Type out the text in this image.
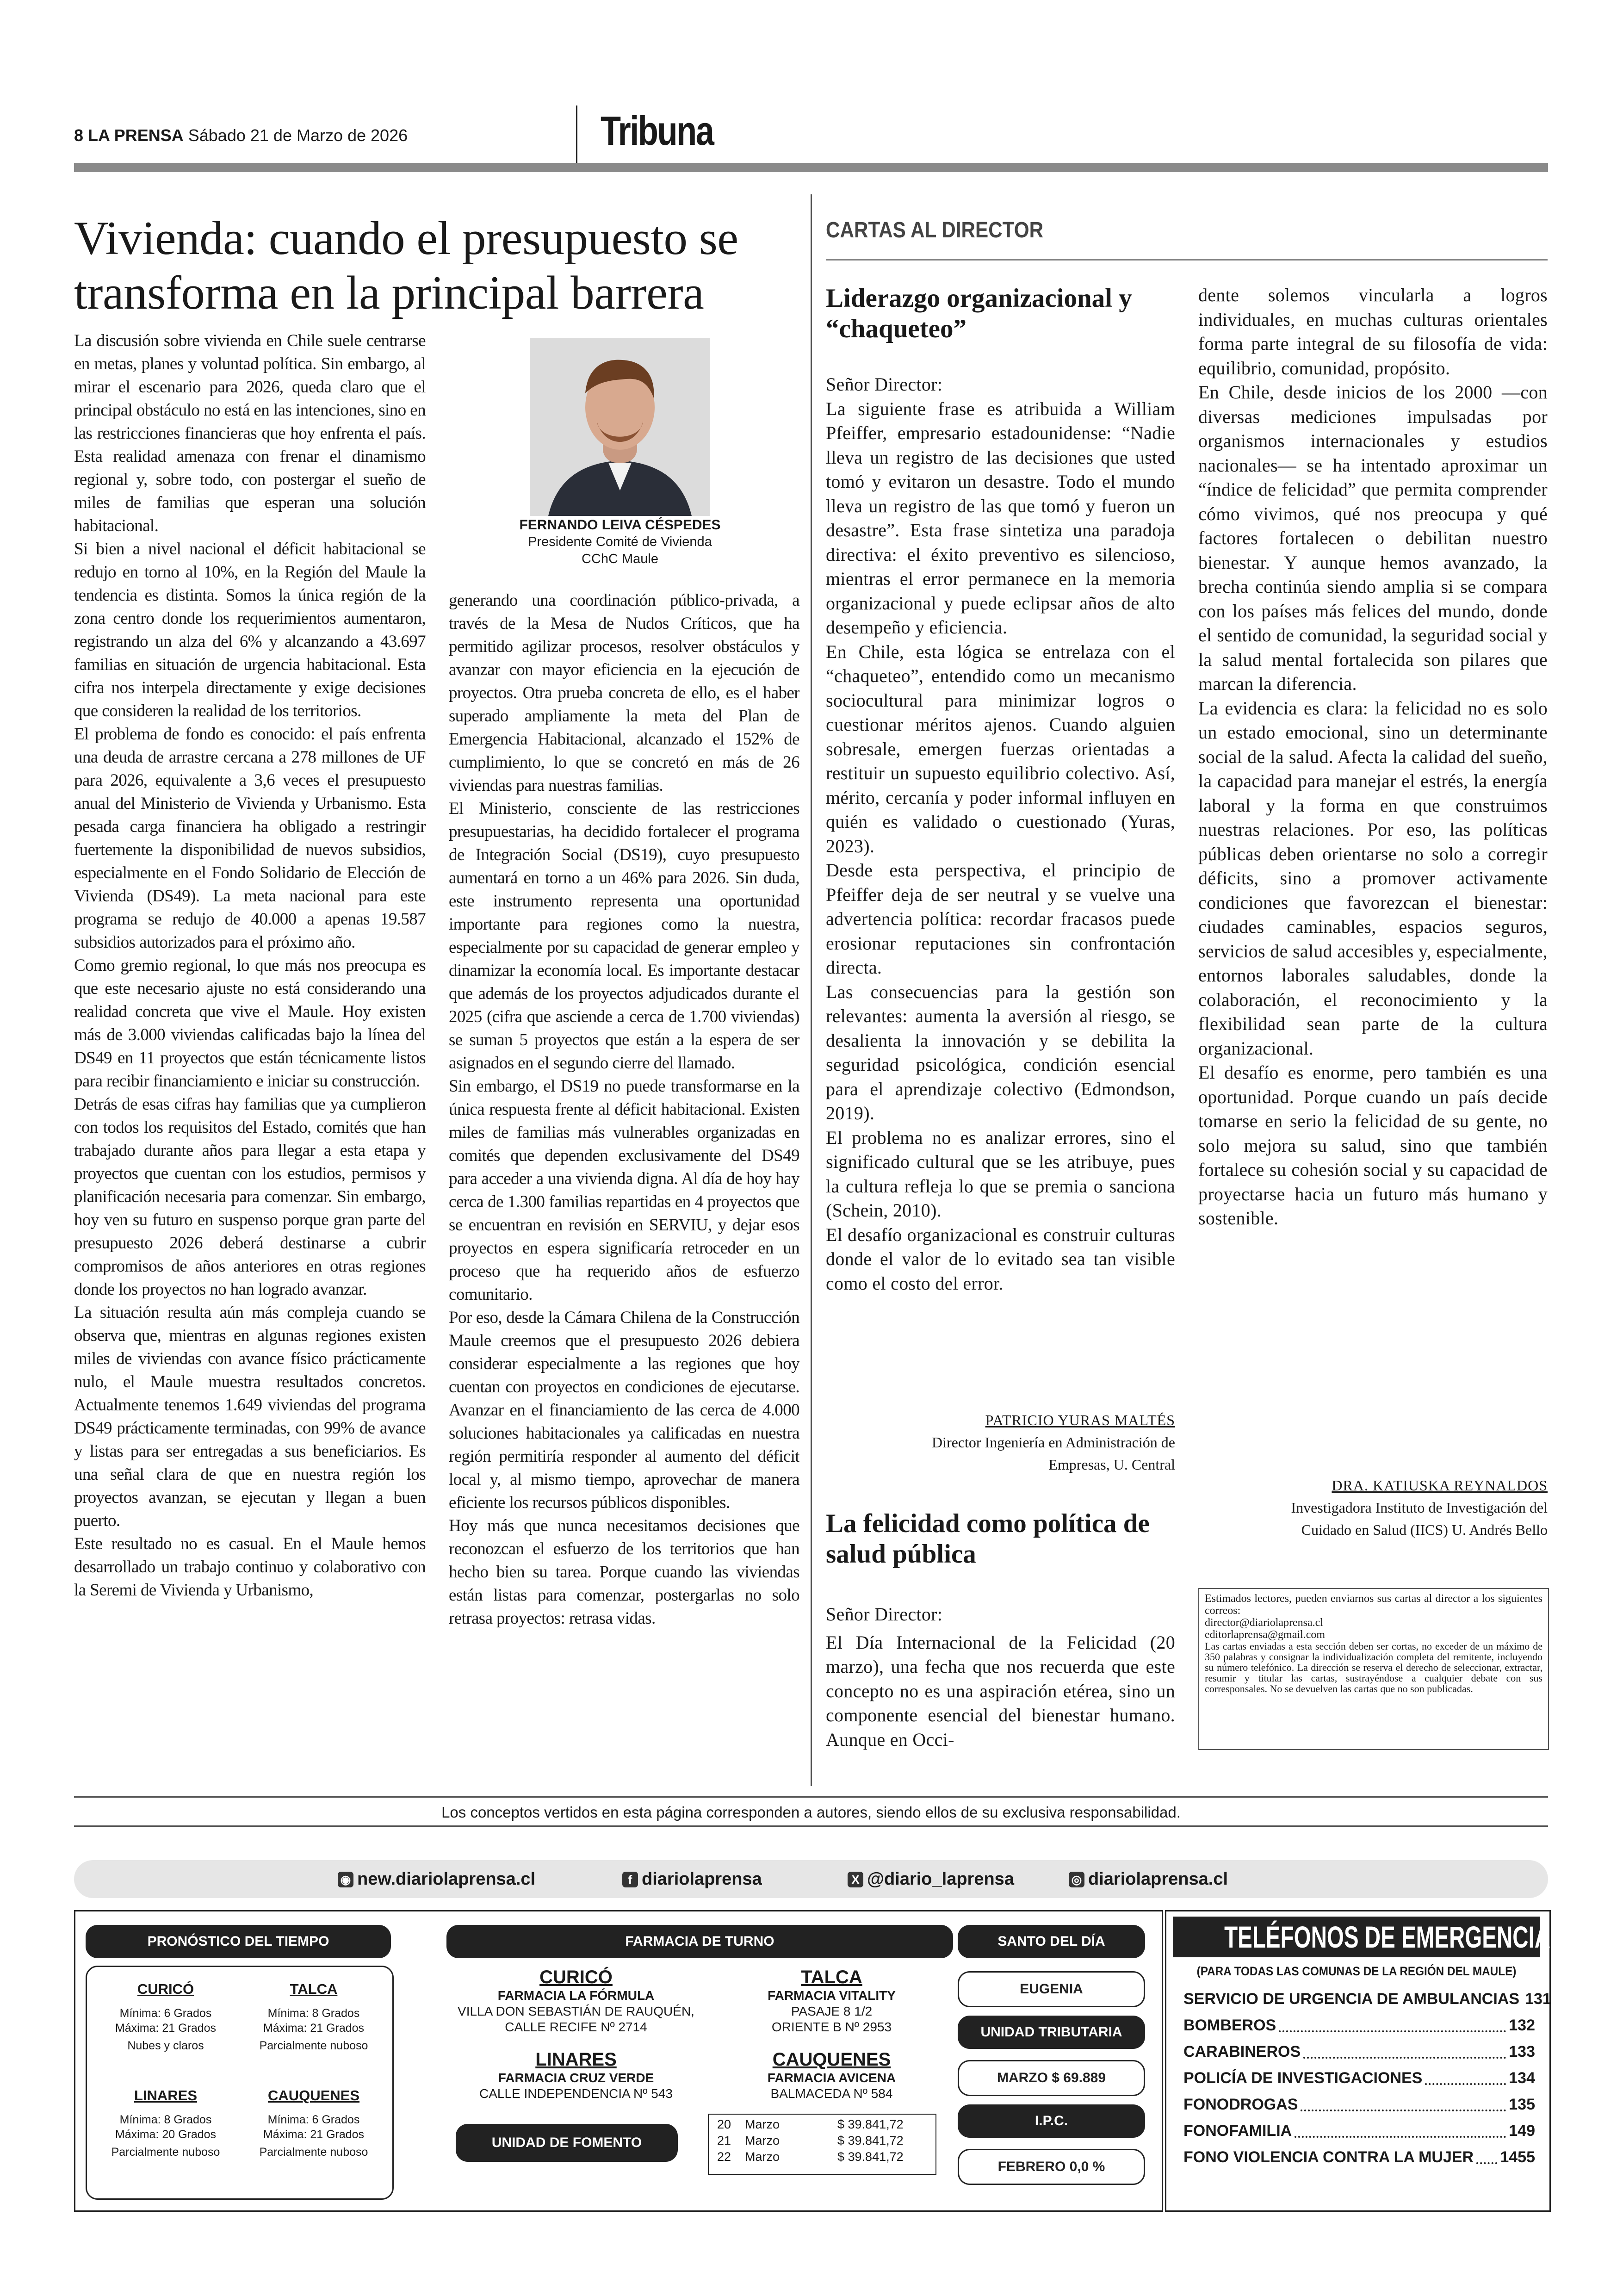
8 LA PRENSA Sábado 21 de Marzo de 2026	Tribuna
Vivienda: cuando el presupuesto se transforma en la principal barrera
FERNANDO LEIVA CÉSPEDES
Presidente Comité de Vivienda
CChC Maule

La discusión sobre vivienda en Chile suele centrarse en metas, planes y voluntad política. Sin embargo, al mirar el escenario para 2026, queda claro que el principal obstáculo no está en las intenciones, sino en las restricciones financieras que hoy enfrenta el país. Esta realidad amenaza con frenar el dinamismo regional y, sobre todo, con postergar el sueño de miles de familias que esperan una solución habitacional.

Si bien a nivel nacional el déficit habitacional se redujo en torno al 10%, en la Región del Maule la tendencia es distinta. Somos la única región de la zona centro donde los requerimientos aumentaron, registrando un alza del 6% y alcanzando a 43.697 familias en situación de urgencia habitacional. Esta cifra nos interpela directamente y exige decisiones que consideren la realidad de los territorios.

El problema de fondo es conocido: el país enfrenta una deuda de arrastre cercana a 278 millones de UF para 2026, equivalente a 3,6 veces el presupuesto anual del Ministerio de Vivienda y Urbanismo. Esta pesada carga financiera ha obligado a restringir fuertemente la disponibilidad de nuevos subsidios, especialmente en el Fondo Solidario de Elección de Vivienda (DS49). La meta nacional para este programa se redujo de 40.000 a apenas 19.587 subsidios autorizados para el próximo año.

Como gremio regional, lo que más nos preocupa es que este necesario ajuste no está considerando una realidad concreta que vive el Maule. Hoy existen más de 3.000 viviendas calificadas bajo la línea del DS49 en 11 proyectos que están técnicamente listos para recibir financiamiento e iniciar su construcción.

Detrás de esas cifras hay familias que ya cumplieron con todos los requisitos del Estado, comités que han trabajado durante años para llegar a esta etapa y proyectos que cuentan con los estudios, permisos y planificación necesaria para comenzar. Sin embargo, hoy ven su futuro en suspenso porque gran parte del presupuesto 2026 deberá destinarse a cubrir compromisos de años anteriores en otras regiones donde los proyectos no han logrado avanzar.

La situación resulta aún más compleja cuando se observa que, mientras en algunas regiones existen miles de viviendas con avance físico prácticamente nulo, el Maule muestra resultados concretos. Actualmente tenemos 1.649 viviendas del programa DS49 prácticamente terminadas, con 99% de avance y listas para ser entregadas a sus beneficiarios. Es una señal clara de que en nuestra región los proyectos avanzan, se ejecutan y llegan a buen puerto.

Este resultado no es casual. En el Maule hemos desarrollado un trabajo continuo y colaborativo con la Seremi de Vivienda y Urbanismo,

generando una coordinación público-privada, a través de la Mesa de Nudos Críticos, que ha permitido agilizar procesos, resolver obstáculos y avanzar con mayor eficiencia en la ejecución de proyectos. Otra prueba concreta de ello, es el haber superado ampliamente la meta del Plan de Emergencia Habitacional, alcanzado el 152% de cumplimiento, lo que se concretó en más de 26 viviendas para nuestras familias.

El Ministerio, consciente de las restricciones presupuestarias, ha decidido fortalecer el programa de Integración Social (DS19), cuyo presupuesto aumentará en torno a un 46% para 2026. Sin duda, este instrumento representa una oportunidad importante para regiones como la nuestra, especialmente por su capacidad de generar empleo y dinamizar la economía local. Es importante destacar que además de los proyectos adjudicados durante el 2025 (cifra que asciende a cerca de 1.700 viviendas) se suman 5 proyectos que están a la espera de ser asignados en el segundo cierre del llamado.

Sin embargo, el DS19 no puede transformarse en la única respuesta frente al déficit habitacional. Existen miles de familias más vulnerables organizadas en comités que dependen exclusivamente del DS49 para acceder a una vivienda digna. Al día de hoy hay cerca de 1.300 familias repartidas en 4 proyectos que se encuentran en revisión en SERVIU, y dejar esos proyectos en espera significaría retroceder en un proceso que ha requerido años de esfuerzo comunitario.

Por eso, desde la Cámara Chilena de la Construcción Maule creemos que el presupuesto 2026 debiera considerar especialmente a las regiones que hoy cuentan con proyectos en condiciones de ejecutarse. Avanzar en el financiamiento de las cerca de 4.000 soluciones habitacionales ya calificadas en nuestra región permitiría responder al aumento del déficit local y, al mismo tiempo, aprovechar de manera eficiente los recursos públicos disponibles.

Hoy más que nunca necesitamos decisiones que reconozcan el esfuerzo de los territorios que han hecho bien su tarea. Porque cuando las viviendas están listas para comenzar, postergarlas no solo retrasa proyectos: retrasa vidas.

CARTAS AL DIRECTOR
Liderazgo organizacional y “chaqueteo”

Señor Director:

La siguiente frase es atribuida a William Pfeiffer, empresario estadounidense: “Nadie lleva un registro de las decisiones que usted tomó y evitaron un desastre. Todo el mundo lleva un registro de las que tomó y fueron un desastre”. Esta frase sintetiza una paradoja directiva: el éxito preventivo es silencioso, mientras el error permanece en la memoria organizacional y puede eclipsar años de alto desempeño y eficiencia.

En Chile, esta lógica se entrelaza con el “chaqueteo”, entendido como un mecanismo sociocultural para minimizar logros o cuestionar méritos ajenos. Cuando alguien sobresale, emergen fuerzas orientadas a restituir un supuesto equilibrio colectivo. Así, mérito, cercanía y poder informal influyen en quién es validado o cuestionado (Yuras, 2023).

Desde esta perspectiva, el principio de Pfeiffer deja de ser neutral y se vuelve una advertencia política: recordar fracasos puede erosionar reputaciones sin confrontación directa.

Las consecuencias para la gestión son relevantes: aumenta la aversión al riesgo, se desalienta la innovación y se debilita la seguridad psicológica, condición esencial para el aprendizaje colectivo (Edmondson, 2019).

El problema no es analizar errores, sino el significado cultural que se les atribuye, pues la cultura refleja lo que se premia o sanciona (Schein, 2010).

El desafío organizacional es construir culturas donde el valor de lo evitado sea tan visible como el costo del error.

PATRICIO YURAS MALTÉS
Director Ingeniería en Administración de
Empresas, U. Central
La felicidad como política de salud pública

Señor Director:

El Día Internacional de la Felicidad (20 marzo), una fecha que nos recuerda que este concepto no es una aspiración etérea, sino un componente esencial del bienestar humano. Aunque en Occi-

dente solemos vincularla a logros individuales, en muchas culturas orientales forma parte integral de su filosofía de vida: equilibrio, comunidad, propósito.

En Chile, desde inicios de los 2000 —con diversas mediciones impulsadas por organismos internacionales y estudios nacionales— se ha intentado aproximar un “índice de felicidad” que permita comprender cómo vivimos, qué nos preocupa y qué factores fortalecen o debilitan nuestro bienestar. Y aunque hemos avanzado, la brecha continúa siendo amplia si se compara con los países más felices del mundo, donde el sentido de comunidad, la seguridad social y la salud mental fortalecida son pilares que marcan la diferencia.

La evidencia es clara: la felicidad no es solo un estado emocional, sino un determinante social de la salud. Afecta la calidad del sueño, la capacidad para manejar el estrés, la energía laboral y la forma en que construimos nuestras relaciones. Por eso, las políticas públicas deben orientarse no solo a corregir déficits, sino a promover activamente condiciones que favorezcan el bienestar: ciudades caminables, espacios seguros, servicios de salud accesibles y, especialmente, entornos laborales saludables, donde la colaboración, el reconocimiento y la flexibilidad sean parte de la cultura organizacional.

El desafío es enorme, pero también es una oportunidad. Porque cuando un país decide tomarse en serio la felicidad de su gente, no solo mejora su salud, sino que también fortalece su cohesión social y su capacidad de proyectarse hacia un futuro más humano y sostenible.

DRA. KATIUSKA REYNALDOS
Investigadora Instituto de Investigación del
Cuidado en Salud (IICS) U. Andrés Bello
Estimados lectores, pueden enviarnos sus cartas al director a los siguientes correos:
director@diariolaprensa.cl
editorlaprensa@gmail.com
Las cartas enviadas a esta sección deben ser cortas, no exceder de un máximo de 350 palabras y consignar la individualización completa del remitente, incluyendo su número telefónico. La dirección se reserva el derecho de seleccionar, extractar, resumir y titular las cartas, sustrayéndose a cualquier debate con sus corresponsales. No se devuelven las cartas que no son publicadas.
Los conceptos vertidos en esta página corresponden a autores, siendo ellos de su exclusiva responsabilidad.
◉ new.diariolaprensa.cl	f diariolaprensa	X @diario_laprensa	◎ diariolaprensa.cl
PRONÓSTICO DEL TIEMPO
CURICÓ
Mínima: 6 Grados
Máxima: 21 Grados
Nubes y claros
TALCA
Mínima: 8 Grados
Máxima: 21 Grados
Parcialmente nuboso
LINARES
Mínima: 8 Grados
Máxima: 20 Grados
Parcialmente nuboso
CAUQUENES
Mínima: 6 Grados
Máxima: 21 Grados
Parcialmente nuboso
FARMACIA DE TURNO
CURICÓ
FARMACIA LA FÓRMULA
VILLA DON SEBASTIÁN DE RAUQUÉN,
CALLE RECIFE Nº 2714
TALCA
FARMACIA VITALITY
PASAJE 8 1/2
ORIENTE B Nº 2953
LINARES
FARMACIA CRUZ VERDE
CALLE INDEPENDENCIA Nº 543
CAUQUENES
FARMACIA AVICENA
BALMACEDA Nº 584
UNIDAD DE FOMENTO
20	Marzo	$ 39.841,72
21	Marzo	$ 39.841,72
22	Marzo	$ 39.841,72
SANTO DEL DÍA
EUGENIA
UNIDAD TRIBUTARIA
MARZO $ 69.889
I.P.C.
FEBRERO 0,0 %
TELÉFONOS DE EMERGENCIA
(PARA TODAS LAS COMUNAS DE LA REGIÓN DEL MAULE)
SERVICIO DE URGENCIA DE AMBULANCIAS 131
BOMBEROS	132
CARABINEROS	133
POLICÍA DE INVESTIGACIONES	134
FONODROGAS	135
FONOFAMILIA	149
FONO VIOLENCIA CONTRA LA MUJER 1455
